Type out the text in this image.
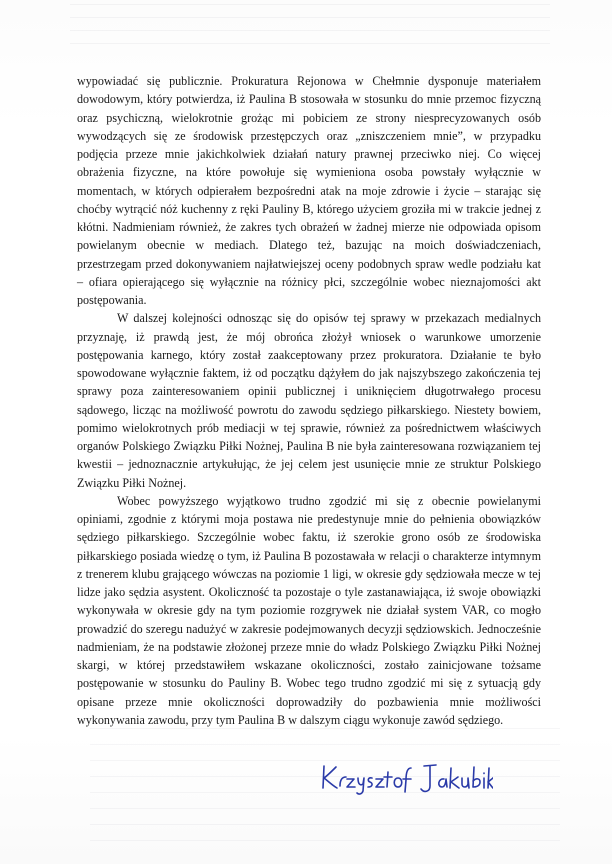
wypowiadać się publicznie. Prokuratura Rejonowa w Chełmnie dysponuje materiałem dowodowym, który potwierdza, iż Paulina B stosowała w stosunku do mnie przemoc fizyczną oraz psychiczną, wielokrotnie grożąc mi pobiciem ze strony niesprecyzowanych osób wywodzących się ze środowisk przestępczych oraz „zniszczeniem mnie”, w przypadku podjęcia przeze mnie jakichkolwiek działań natury prawnej przeciwko niej. Co więcej obrażenia fizyczne, na które powołuje się wymieniona osoba powstały wyłącznie w momentach, w których odpierałem bezpośredni atak na moje zdrowie i życie – starając się choćby wytrącić nóż kuchenny z ręki Pauliny B, którego użyciem groziła mi w trakcie jednej z kłótni. Nadmieniam również, że zakres tych obrażeń w żadnej mierze nie odpowiada opisom powielanym obecnie w mediach. Dlatego też, bazując na moich doświadczeniach, przestrzegam przed dokonywaniem najłatwiejszej oceny podobnych spraw wedle podziału kat – ofiara opierającego się wyłącznie na różnicy płci, szczególnie wobec nieznajomości akt postępowania.

W dalszej kolejności odnosząc się do opisów tej sprawy w przekazach medialnych przyznaję, iż prawdą jest, że mój obrońca złożył wniosek o warunkowe umorzenie postępowania karnego, który został zaakceptowany przez prokuratora. Działanie te było spowodowane wyłącznie faktem, iż od początku dążyłem do jak najszybszego zakończenia tej sprawy poza zainteresowaniem opinii publicznej i uniknięciem długotrwałego procesu sądowego, licząc na możliwość powrotu do zawodu sędziego piłkarskiego. Niestety bowiem, pomimo wielokrotnych prób mediacji w tej sprawie, również za pośrednictwem właściwych organów Polskiego Związku Piłki Nożnej, Paulina B nie była zainteresowana rozwiązaniem tej kwestii – jednoznacznie artykułując, że jej celem jest usunięcie mnie ze struktur Polskiego Związku Piłki Nożnej.

Wobec powyższego wyjątkowo trudno zgodzić mi się z obecnie powielanymi opiniami, zgodnie z którymi moja postawa nie predestynuje mnie do pełnienia obowiązków sędziego piłkarskiego. Szczególnie wobec faktu, iż szerokie grono osób ze środowiska piłkarskiego posiada wiedzę o tym, iż Paulina B pozostawała w relacji o charakterze intymnym z trenerem klubu grającego wówczas na poziomie 1 ligi, w okresie gdy sędziowała mecze w tej lidze jako sędzia asystent. Okoliczność ta pozostaje o tyle zastanawiająca, iż swoje obowiązki wykonywała w okresie gdy na tym poziomie rozgrywek nie działał system VAR, co mogło prowadzić do szeregu nadużyć w zakresie podejmowanych decyzji sędziowskich. Jednocześnie nadmieniam, że na podstawie złożonej przeze mnie do władz Polskiego Związku Piłki Nożnej skargi, w której przedstawiłem wskazane okoliczności, zostało zainicjowane tożsame postępowanie w stosunku do Pauliny B. Wobec tego trudno zgodzić mi się z sytuacją gdy opisane przeze mnie okoliczności doprowadziły do pozbawienia mnie możliwości wykonywania zawodu, przy tym Paulina B w dalszym ciągu wykonuje zawód sędziego.
